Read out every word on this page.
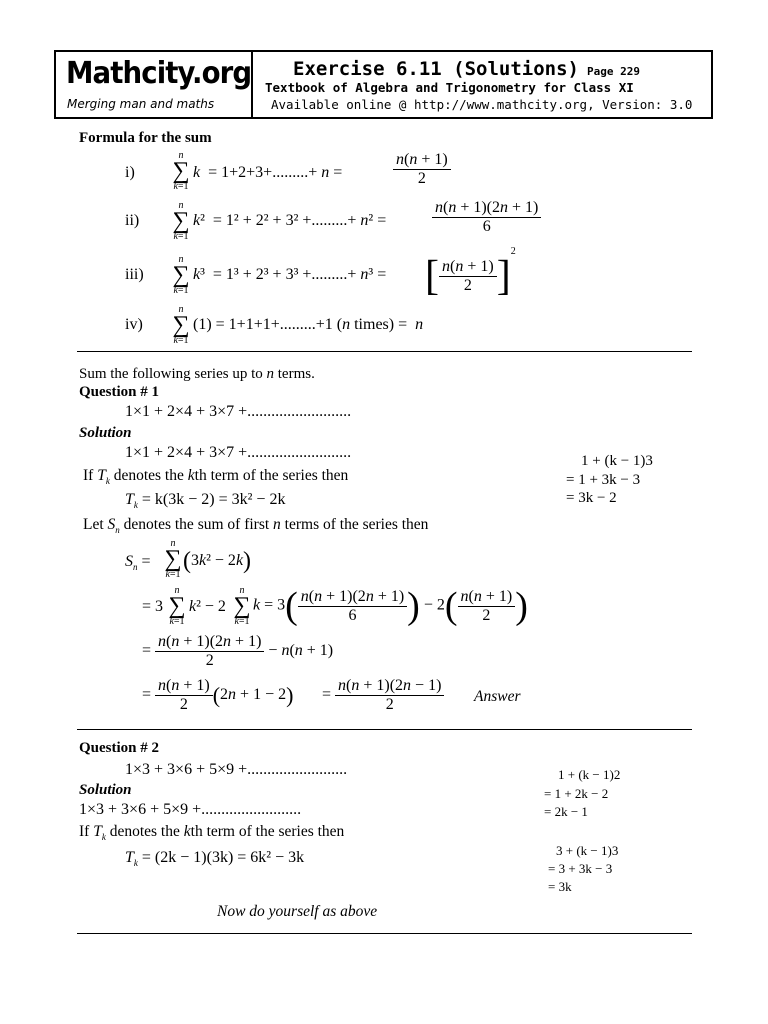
Mathcity.org
Merging man and maths
Exercise 6.11 (Solutions) Page 229
Textbook of Algebra and Trigonometry for Class XI
Available online @ http://www.mathcity.org, Version: 3.0
Formula for the sum
i)
n
∑
k=1
k = 1+2+3+.........+ n =	$\frac{n(n + 1)}{2}$
ii)
n
∑
k=1
k²  = 1² + 2² + 3² +.........+ n² =	$\frac{n(n + 1)(2n + 1)}{6}$
iii)
n
∑
k=1
k³  = 1³ + 2³ + 3³ +.........+ n³ = [ $\frac{n(n + 1)}{2} ]^2$
iv)
n
∑
k=1
(1) = 1+1+1+.........+1 (n times) = n
Sum the following series up to n terms.
Question # 1
1×1 + 2×4 + 3×7 +..........................
Solution
1×1 + 2×4 + 3×7 +..........................
If $T_k$ denotes the kth term of the series then
$T_k = k(3k - 2) = 3k^2 - 2k$
1 + (k − 1)3
= 1 + 3k − 3
= 3k − 2
Let $S_n$ denotes the sum of first n terms of the series then
$S_n$ =
n
∑
k=1
(3k² − 2k)
= 3
n
∑
k=1
k² − 2
n
∑
k=1
$k = 3( \frac{n(n + 1)(2n + 1)}{6}$ ) − $2( \frac{n(n + 1)}{2}$ )
= $\frac{n(n + 1)(2n + 1)}{2} - n(n + 1)$
= $\frac{n(n + 1)}{2} (2n + 1 - 2) = \frac{n(n + 1)(2n - 1)}{2}$ Answer
Question # 2
1×3 + 3×6 + 5×9 +.........................
Solution
1×3 + 3×6 + 5×9 +.........................
If $T_k$ denotes the kth term of the series then
$T_k = (2k - 1)(3k) = 6k^2 - 3k$
1 + (k − 1)2
= 1 + 2k − 2
= 2k − 1
3 + (k − 1)3
= 3 + 3k − 3
= 3k
Now do yourself as above
